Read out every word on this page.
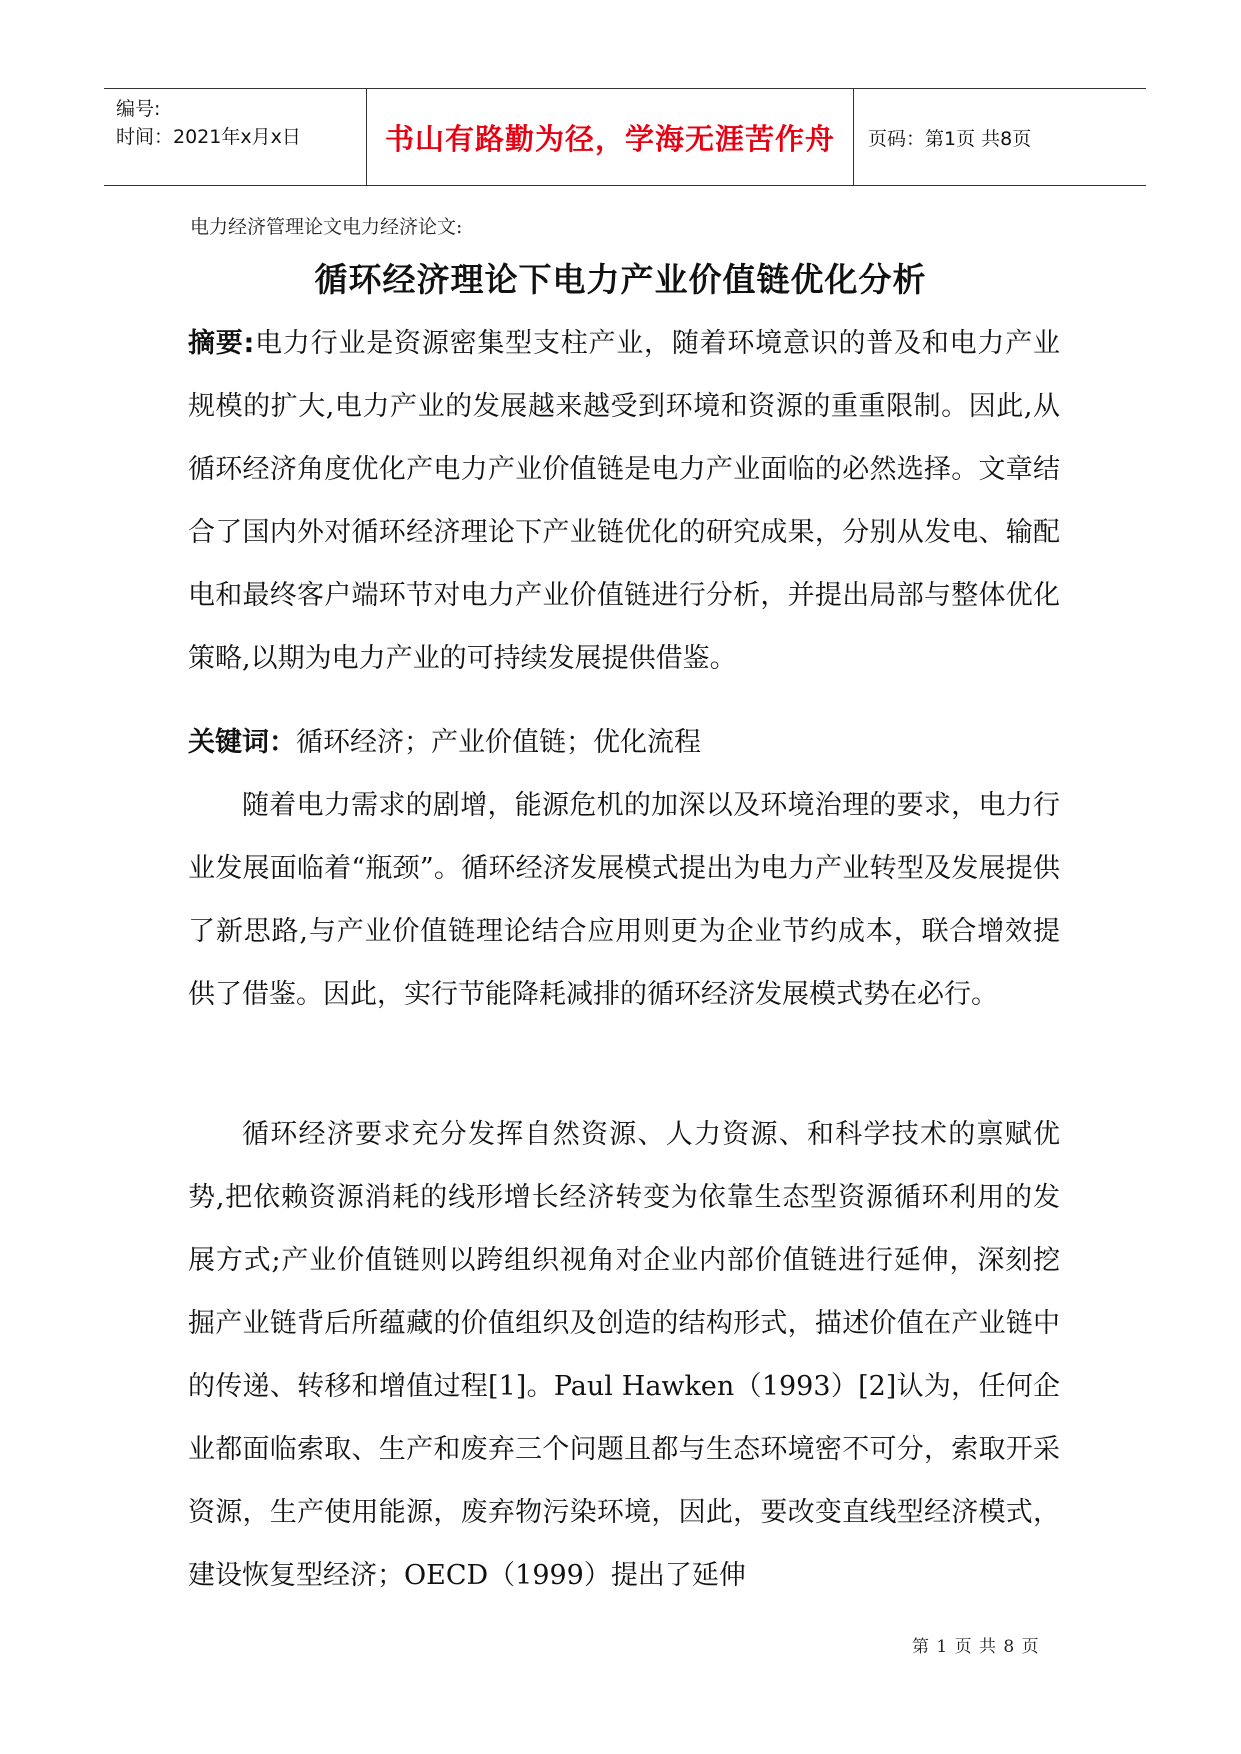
编号:
时间：2021年x月x日	书山有路勤为径，学海无涯苦作舟	页码：第1页 共8页
电力经济管理论文电力经济论文:
循环经济理论下电力产业价值链优化分析
摘要:电力行业是资源密集型支柱产业，随着环境意识的普及和电力产业规模的扩大,电力产业的发展越来越受到环境和资源的重重限制。因此,从循环经济角度优化产电力产业价值链是电力产业面临的必然选择。文章结合了国内外对循环经济理论下产业链优化的研究成果，分别从发电、输配电和最终客户端环节对电力产业价值链进行分析，并提出局部与整体优化策略,以期为电力产业的可持续发展提供借鉴。
关键词：循环经济；产业价值链；优化流程
随着电力需求的剧增，能源危机的加深以及环境治理的要求，电力行业发展面临着“瓶颈”。循环经济发展模式提出为电力产业转型及发展提供了新思路,与产业价值链理论结合应用则更为企业节约成本，联合增效提供了借鉴。因此，实行节能降耗减排的循环经济发展模式势在必行。
循环经济要求充分发挥自然资源、人力资源、和科学技术的禀赋优势,把依赖资源消耗的线形增长经济转变为依靠生态型资源循环利用的发展方式;产业价值链则以跨组织视角对企业内部价值链进行延伸，深刻挖掘产业链背后所蕴藏的价值组织及创造的结构形式，描述价值在产业链中的传递、转移和增值过程[1]。Paul Hawken（1993）[2]认为，任何企业都面临索取、生产和废弃三个问题且都与生态环境密不可分，索取开采资源，生产使用能源，废弃物污染环境，因此，要改变直线型经济模式，建设恢复型经济；OECD（1999）提出了延伸
第 1 页 共 8 页
